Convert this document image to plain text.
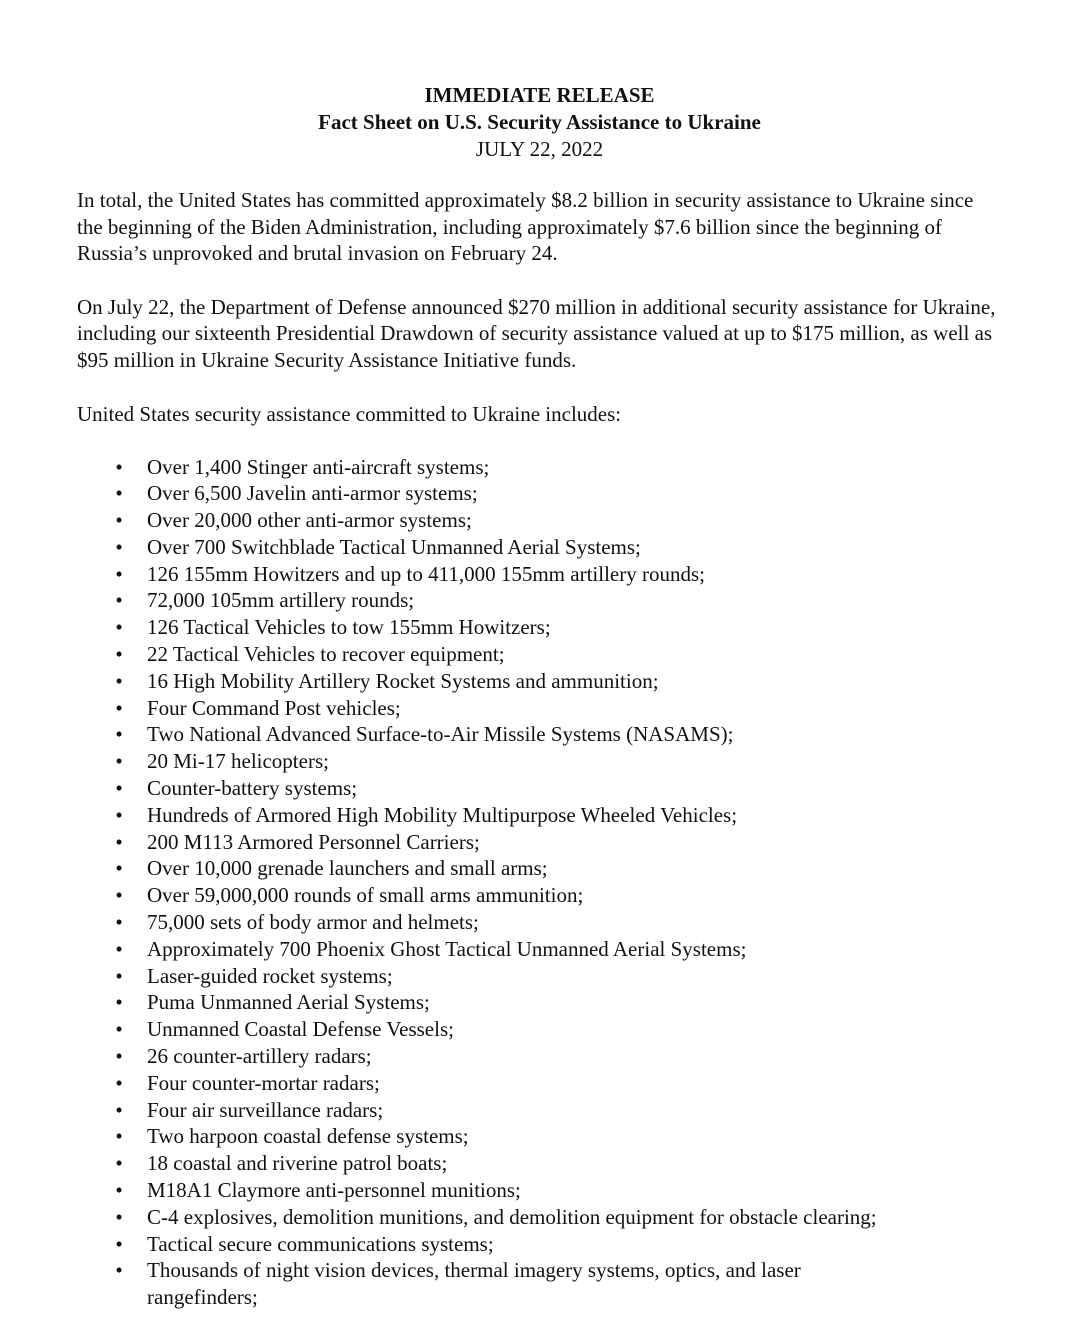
IMMEDIATE RELEASE
Fact Sheet on U.S. Security Assistance to Ukraine
JULY 22, 2022

In total, the United States has committed approximately $8.2 billion in security assistance to Ukraine since the beginning of the Biden Administration, including approximately $7.6 billion since the beginning of Russia’s unprovoked and brutal invasion on February 24.

On July 22, the Department of Defense announced $270 million in additional security assistance for Ukraine, including our sixteenth Presidential Drawdown of security assistance valued at up to $175 million, as well as $95 million in Ukraine Security Assistance Initiative funds.

United States security assistance committed to Ukraine includes:

• Over 1,400 Stinger anti-aircraft systems;
• Over 6,500 Javelin anti-armor systems;
• Over 20,000 other anti-armor systems;
• Over 700 Switchblade Tactical Unmanned Aerial Systems;
• 126 155mm Howitzers and up to 411,000 155mm artillery rounds;
• 72,000 105mm artillery rounds;
• 126 Tactical Vehicles to tow 155mm Howitzers;
• 22 Tactical Vehicles to recover equipment;
• 16 High Mobility Artillery Rocket Systems and ammunition;
• Four Command Post vehicles;
• Two National Advanced Surface-to-Air Missile Systems (NASAMS);
• 20 Mi-17 helicopters;
• Counter-battery systems;
• Hundreds of Armored High Mobility Multipurpose Wheeled Vehicles;
• 200 M113 Armored Personnel Carriers;
• Over 10,000 grenade launchers and small arms;
• Over 59,000,000 rounds of small arms ammunition;
• 75,000 sets of body armor and helmets;
• Approximately 700 Phoenix Ghost Tactical Unmanned Aerial Systems;
• Laser-guided rocket systems;
• Puma Unmanned Aerial Systems;
• Unmanned Coastal Defense Vessels;
• 26 counter-artillery radars;
• Four counter-mortar radars;
• Four air surveillance radars;
• Two harpoon coastal defense systems;
• 18 coastal and riverine patrol boats;
• M18A1 Claymore anti-personnel munitions;
• C-4 explosives, demolition munitions, and demolition equipment for obstacle clearing;
• Tactical secure communications systems;
• Thousands of night vision devices, thermal imagery systems, optics, and laser rangefinders;
